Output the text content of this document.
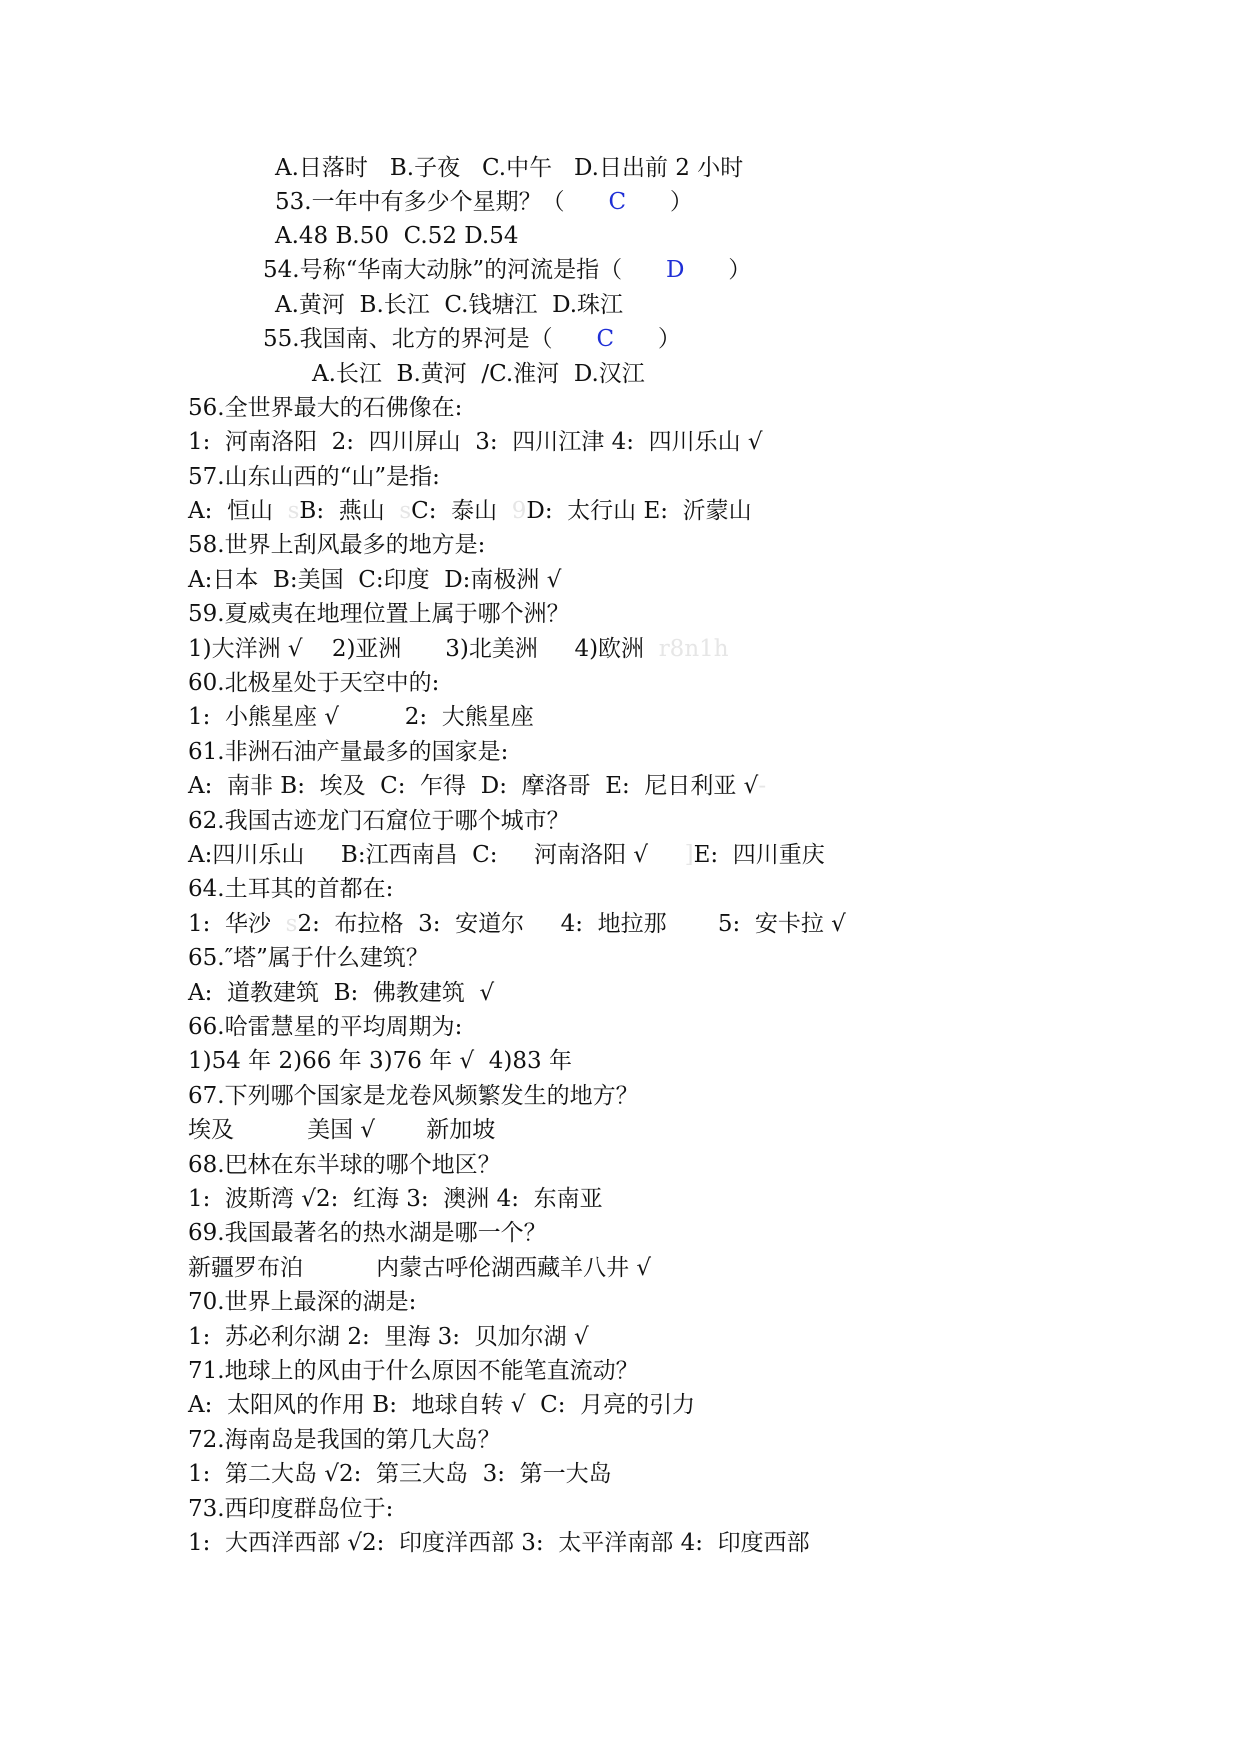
A.日落时   B.子夜   C.中午   D.日出前 2 小时
53.一年中有多少个星期？（      C      ）
A.48 B.50  C.52 D.54
54.号称“华南大动脉”的河流是指（      D      ）
A.黄河  B.长江  C.钱塘江  D.珠江
55.我国南、北方的界河是（      C      ）
A.长江  B.黄河  /C.淮河  D.汉江
56.全世界最大的石佛像在:
1:  河南洛阳  2:  四川屏山  3:  四川江津 4:  四川乐山 √
57.山东山西的“山”是指:
A:  恒山  sB:  燕山  sC:  泰山  9D:  太行山 E:  沂蒙山
58.世界上刮风最多的地方是:
A:日本  B:美国  C:印度  D:南极洲 √
59.夏威夷在地理位置上属于哪个洲？
1)大洋洲 √    2)亚洲      3)北美洲     4)欧洲  r8n1h
60.北极星处于天空中的:
1:  小熊星座 √         2:  大熊星座
61.非洲石油产量最多的国家是:
A:  南非 B:  埃及  C:  乍得  D:  摩洛哥  E:  尼日利亚 √-
62.我国古迹龙门石窟位于哪个城市？
A:四川乐山     B:江西南昌  C:     河南洛阳 √     ]E:  四川重庆
64.土耳其的首都在:
1:  华沙  s2:  布拉格  3:  安道尔     4:  地拉那       5:  安卡拉 √
65.″塔”属于什么建筑？
A:  道教建筑  B:  佛教建筑  √
66.哈雷慧星的平均周期为:
1)54 年 2)66 年 3)76 年 √  4)83 年
67.下列哪个国家是龙卷风频繁发生的地方？
埃及          美国 √       新加坡
68.巴林在东半球的哪个地区？
1:  波斯湾 √2:  红海 3:  澳洲 4:  东南亚
69.我国最著名的热水湖是哪一个？
新疆罗布泊          内蒙古呼伦湖西藏羊八井 √
70.世界上最深的湖是:
1:  苏必利尔湖 2:  里海 3:  贝加尔湖 √
71.地球上的风由于什么原因不能笔直流动？
A:  太阳风的作用 B:  地球自转 √  C:  月亮的引力
72.海南岛是我国的第几大岛？
1:  第二大岛 √2:  第三大岛  3:  第一大岛
73.西印度群岛位于:
1:  大西洋西部 √2:  印度洋西部 3:  太平洋南部 4:  印度西部
